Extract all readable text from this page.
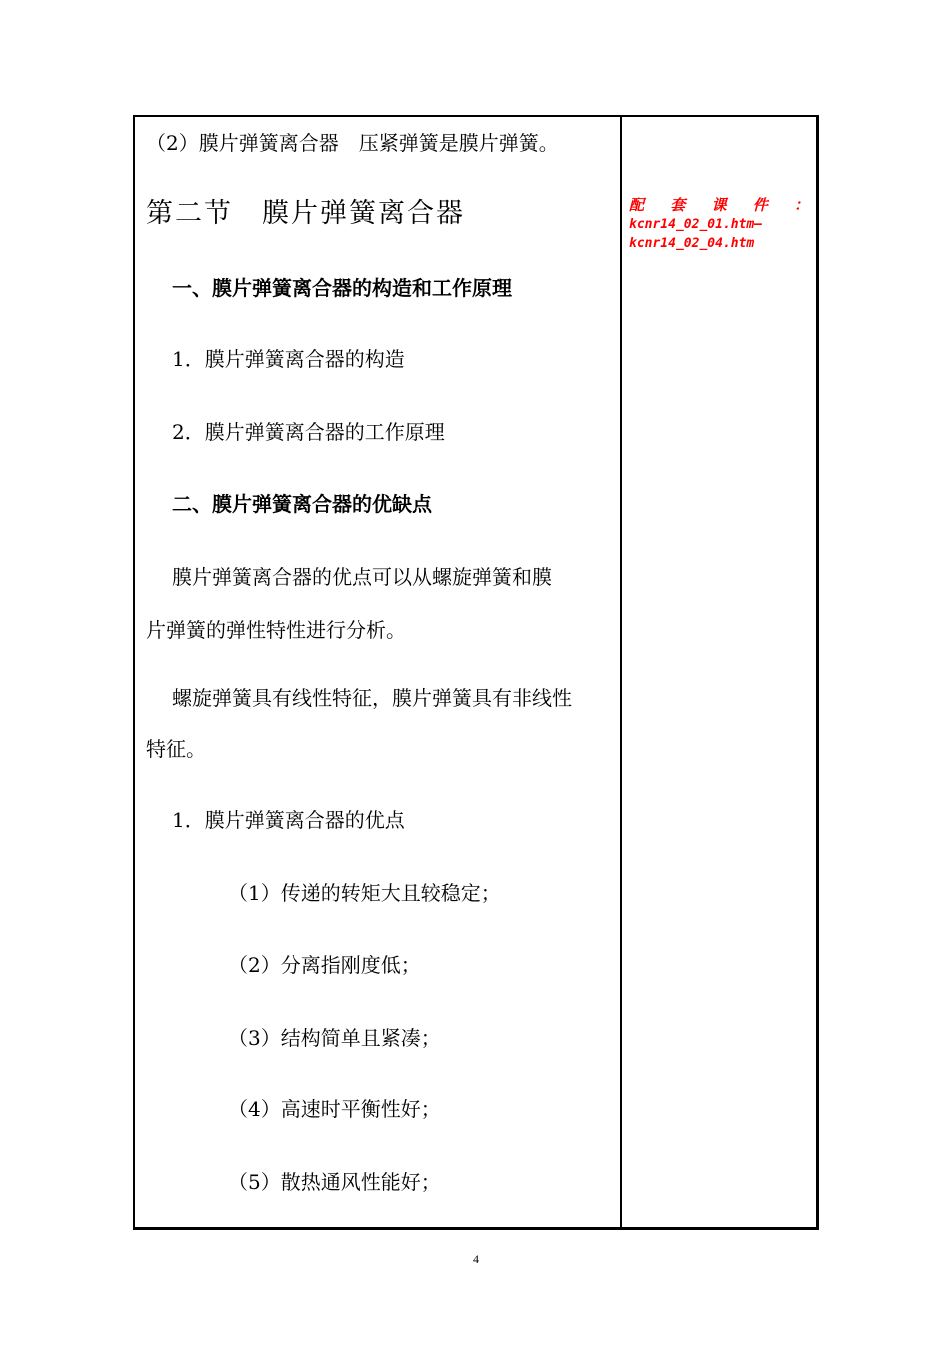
（2）膜片弹簧离合器　压紧弹簧是膜片弹簧。
第二节　膜片弹簧离合器
一、膜片弹簧离合器的构造和工作原理
1．膜片弹簧离合器的构造
2．膜片弹簧离合器的工作原理
二、膜片弹簧离合器的优缺点
膜片弹簧离合器的优点可以从螺旋弹簧和膜
片弹簧的弹性特性进行分析。
螺旋弹簧具有线性特征，膜片弹簧具有非线性
特征。
1．膜片弹簧离合器的优点
（1）传递的转矩大且较稳定；
（2）分离指刚度低；
（3）结构简单且紧凑；
（4）高速时平衡性好；
（5）散热通风性能好；
配 套 课 件 ：
kcnr14_02_01.htm—
kcnr14_02_04.htm
4
